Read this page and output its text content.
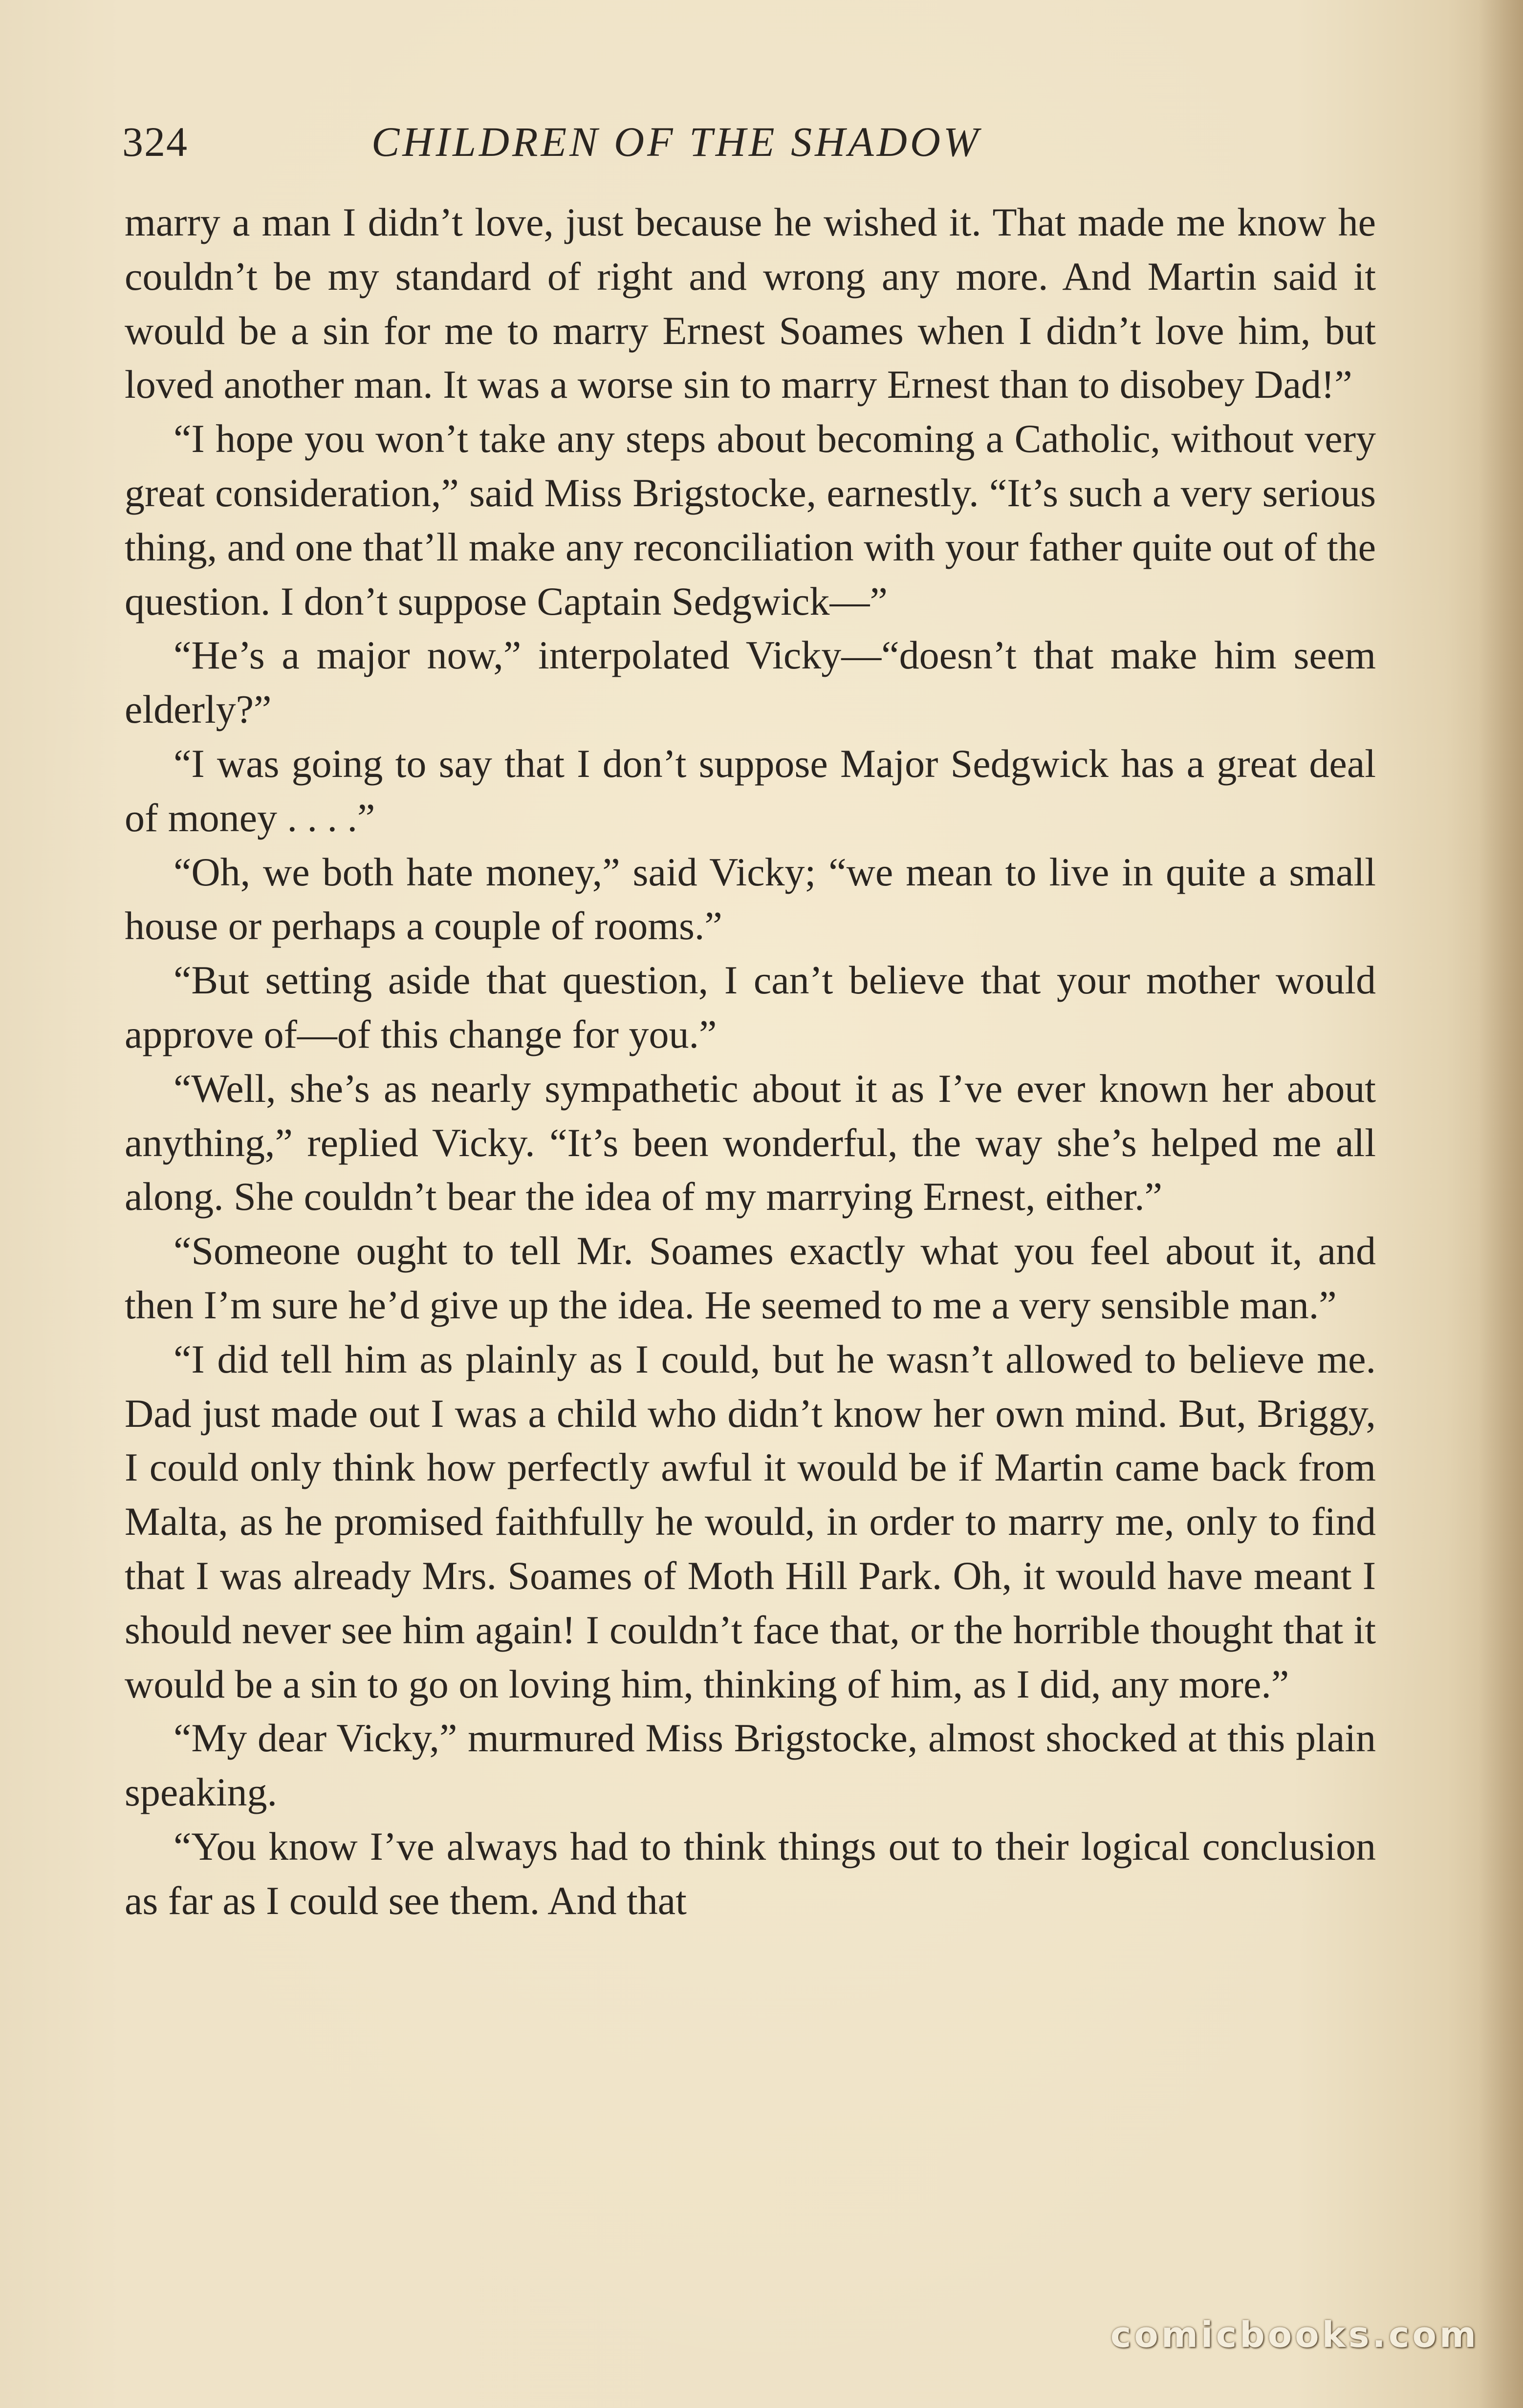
324	CHILDREN OF THE SHADOW

marry a man I didn’t love, just because he wished it. That made me know he couldn’t be my standard of right and wrong any more. And Martin said it would be a sin for me to marry Ernest Soames when I didn’t love him, but loved another man. It was a worse sin to marry Ernest than to disobey Dad!”

“I hope you won’t take any steps about becoming a Catholic, without very great consideration,” said Miss Brigstocke, earnestly. “It’s such a very serious thing, and one that’ll make any reconciliation with your father quite out of the question. I don’t suppose Captain Sedgwick—”

“He’s a major now,” interpolated Vicky—“doesn’t that make him seem elderly?”

“I was going to say that I don’t suppose Major Sedgwick has a great deal of money . . . .”

“Oh, we both hate money,” said Vicky; “we mean to live in quite a small house or perhaps a couple of rooms.”

“But setting aside that question, I can’t believe that your mother would approve of—of this change for you.”

“Well, she’s as nearly sympathetic about it as I’ve ever known her about anything,” replied Vicky. “It’s been wonderful, the way she’s helped me all along. She couldn’t bear the idea of my marrying Ernest, either.”

“Someone ought to tell Mr. Soames exactly what you feel about it, and then I’m sure he’d give up the idea. He seemed to me a very sensible man.”

“I did tell him as plainly as I could, but he wasn’t allowed to believe me. Dad just made out I was a child who didn’t know her own mind. But, Briggy, I could only think how perfectly awful it would be if Martin came back from Malta, as he promised faithfully he would, in order to marry me, only to find that I was already Mrs. Soames of Moth Hill Park. Oh, it would have meant I should never see him again! I couldn’t face that, or the horrible thought that it would be a sin to go on loving him, thinking of him, as I did, any more.”

“My dear Vicky,” murmured Miss Brigstocke, almost shocked at this plain speaking.

“You know I’ve always had to think things out to their logical conclusion as far as I could see them. And that

comicbooks.com
